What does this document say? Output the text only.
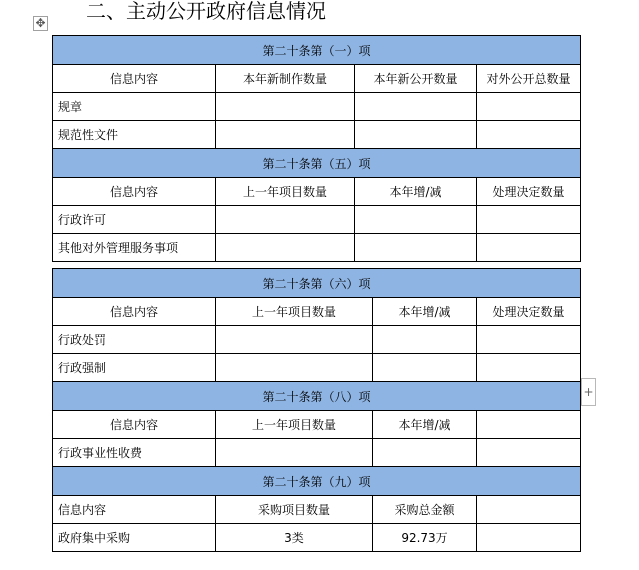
✥
+
二、主动公开政府信息情况
第二十条第（一）项			
信息内容	本年新制作数量	本年新公开数量	对外公开总数量
规章			
规范性文件			
第二十条第（五）项			
信息内容	上一年项目数量	本年增/减	处理决定数量
行政许可			
其他对外管理服务事项			
第二十条第（六）项			
信息内容	上一年项目数量	本年增/减	处理决定数量
行政处罚			
行政强制			
第二十条第（八）项			
信息内容	上一年项目数量	本年增/减	
行政事业性收费			
第二十条第（九）项			
信息内容	采购项目数量	采购总金额	
政府集中采购	3类	92.73万	
